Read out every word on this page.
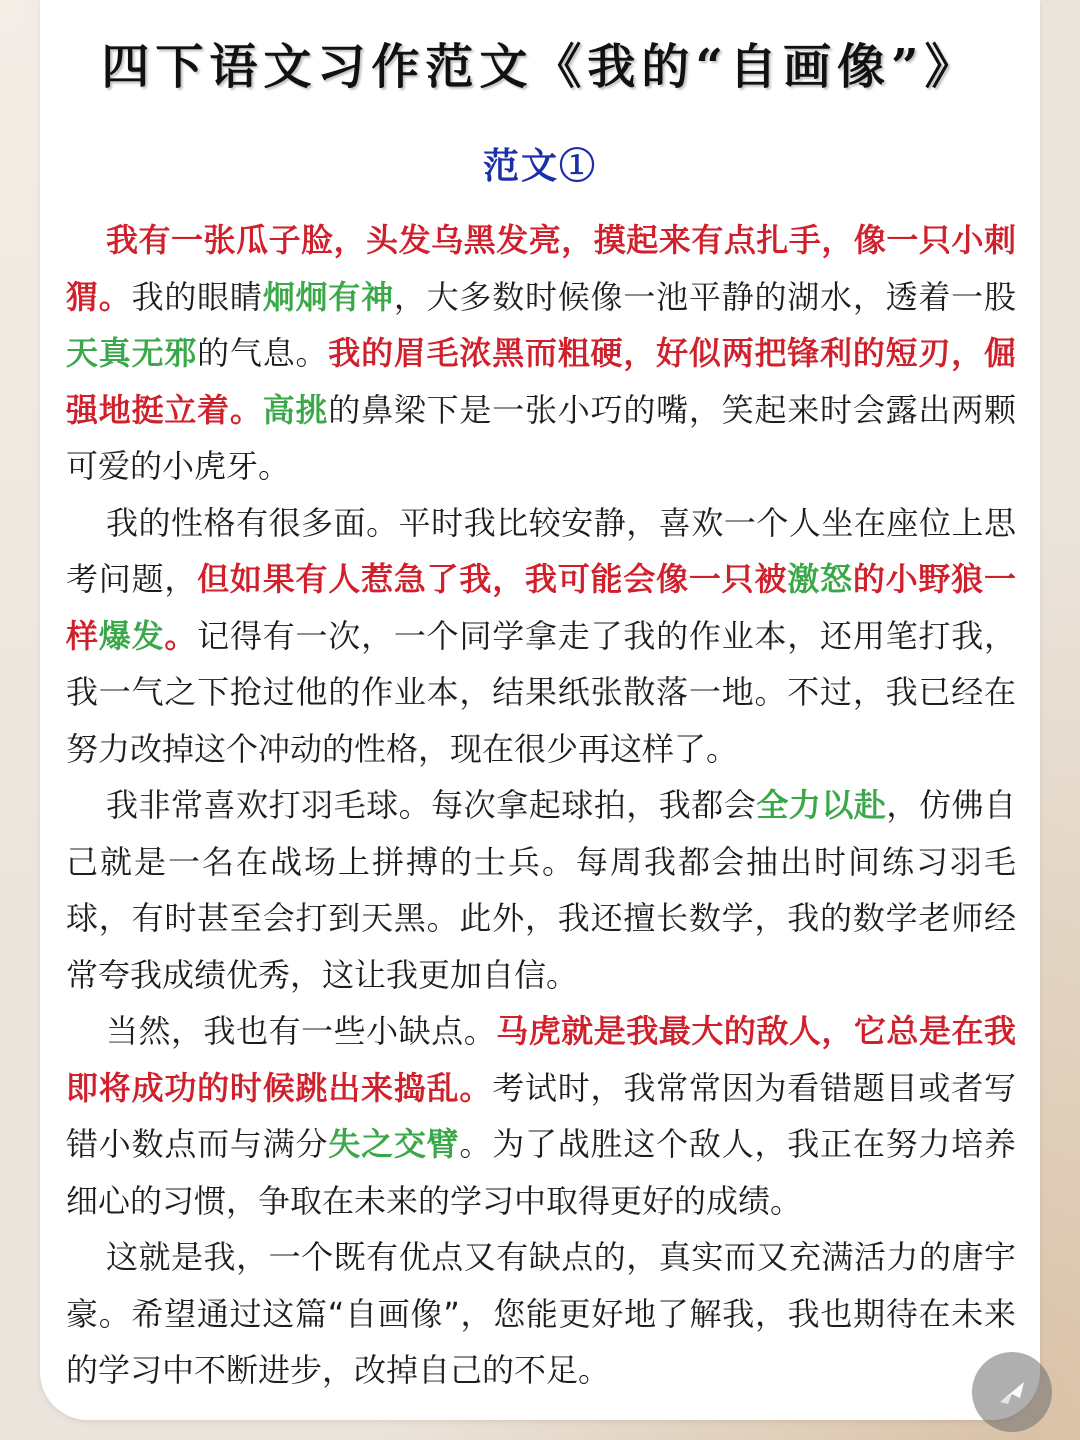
四下语文习作范文《我的“自画像”》
范文①

我有一张瓜子脸，头发乌黑发亮，摸起来有点扎手，像一只小刺猬。我的眼睛炯炯有神，大多数时候像一池平静的湖水，透着一股天真无邪的气息。我的眉毛浓黑而粗硬，好似两把锋利的短刃，倔强地挺立着。高挑的鼻梁下是一张小巧的嘴，笑起来时会露出两颗可爱的小虎牙。

我的性格有很多面。平时我比较安静，喜欢一个人坐在座位上思考问题，但如果有人惹急了我，我可能会像一只被激怒的小野狼一样爆发。记得有一次，一个同学拿走了我的作业本，还用笔打我，我一气之下抢过他的作业本，结果纸张散落一地。不过，我已经在努力改掉这个冲动的性格，现在很少再这样了。

我非常喜欢打羽毛球。每次拿起球拍，我都会全力以赴，仿佛自己就是一名在战场上拼搏的士兵。每周我都会抽出时间练习羽毛球，有时甚至会打到天黑。此外，我还擅长数学，我的数学老师经常夸我成绩优秀，这让我更加自信。

当然，我也有一些小缺点。马虎就是我最大的敌人，它总是在我即将成功的时候跳出来捣乱。考试时，我常常因为看错题目或者写错小数点而与满分失之交臂。为了战胜这个敌人，我正在努力培养细心的习惯，争取在未来的学习中取得更好的成绩。

这就是我，一个既有优点又有缺点的，真实而又充满活力的唐宇豪。希望通过这篇“自画像”，您能更好地了解我，我也期待在未来的学习中不断进步，改掉自己的不足。
